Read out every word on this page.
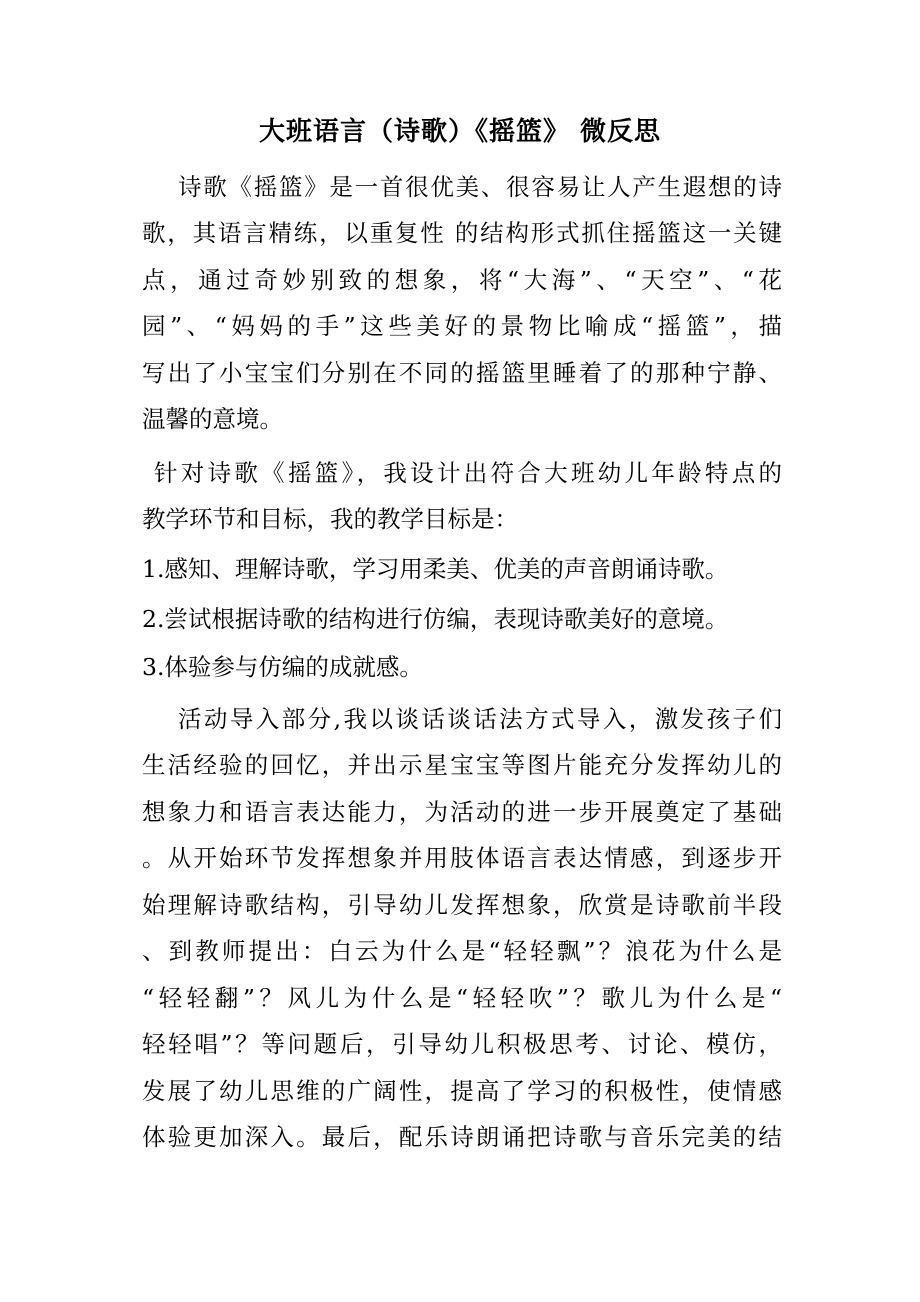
大班语言（诗歌）《摇篮》 微反思
诗歌《摇篮》是一首很优美、很容易让人产生遐想的诗
歌，其语言精练，以重复性 的结构形式抓住摇篮这一关键
点，通过奇妙别致的想象，将“大海”、“天空”、“花
园”、“妈妈的手”这些美好的景物比喻成“摇篮”，描
写出了小宝宝们分别在不同的摇篮里睡着了的那种宁静、
温馨的意境。
针对诗歌《摇篮》，我设计出符合大班幼儿年龄特点的
教学环节和目标，我的教学目标是：
1.感知、理解诗歌，学习用柔美、优美的声音朗诵诗歌。
2.尝试根据诗歌的结构进行仿编，表现诗歌美好的意境。
3.体验参与仿编的成就感。
活动导入部分,我以谈话谈话法方式导入，激发孩子们
生活经验的回忆，并出示星宝宝等图片能充分发挥幼儿的
想象力和语言表达能力，为活动的进一步开展奠定了基础
。从开始环节发挥想象并用肢体语言表达情感，到逐步开
始理解诗歌结构，引导幼儿发挥想象，欣赏是诗歌前半段
、到教师提出：白云为什么是“轻轻飘”？浪花为什么是
“轻轻翻”？风儿为什么是“轻轻吹”？歌儿为什么是“
轻轻唱”？等问题后，引导幼儿积极思考、讨论、模仿，
发展了幼儿思维的广阔性，提高了学习的积极性，使情感
体验更加深入。最后，配乐诗朗诵把诗歌与音乐完美的结
